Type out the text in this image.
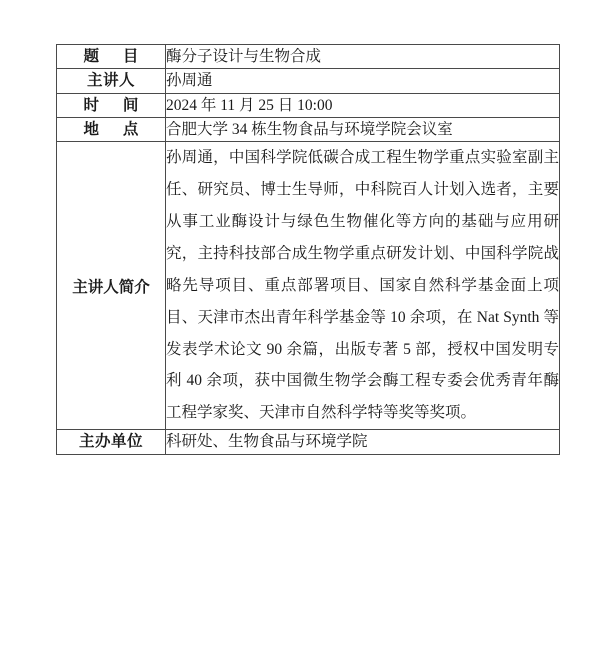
题 目	酶分子设计与生物合成
主讲人	孙周通
时 间	2024 年 11 月 25 日 10:00
地 点	合肥大学 34 栋生物食品与环境学院会议室
主讲人简介	孙周通，中国科学院低碳合成工程生物学重点实验室副主任、研究员、博士生导师，中科院百人计划入选者，主要从事工业酶设计与绿色生物催化等方向的基础与应用研究，主持科技部合成生物学重点研发计划、中国科学院战略先导项目、重点部署项目、国家自然科学基金面上项目、天津市杰出青年科学基金等 10 余项，在 Nat Synth 等发表学术论文 90 余篇，出版专著 5 部，授权中国发明专利 40 余项，获中国微生物学会酶工程专委会优秀青年酶工程学家奖、天津市自然科学特等奖等奖项。

主办单位	科研处、生物食品与环境学院
